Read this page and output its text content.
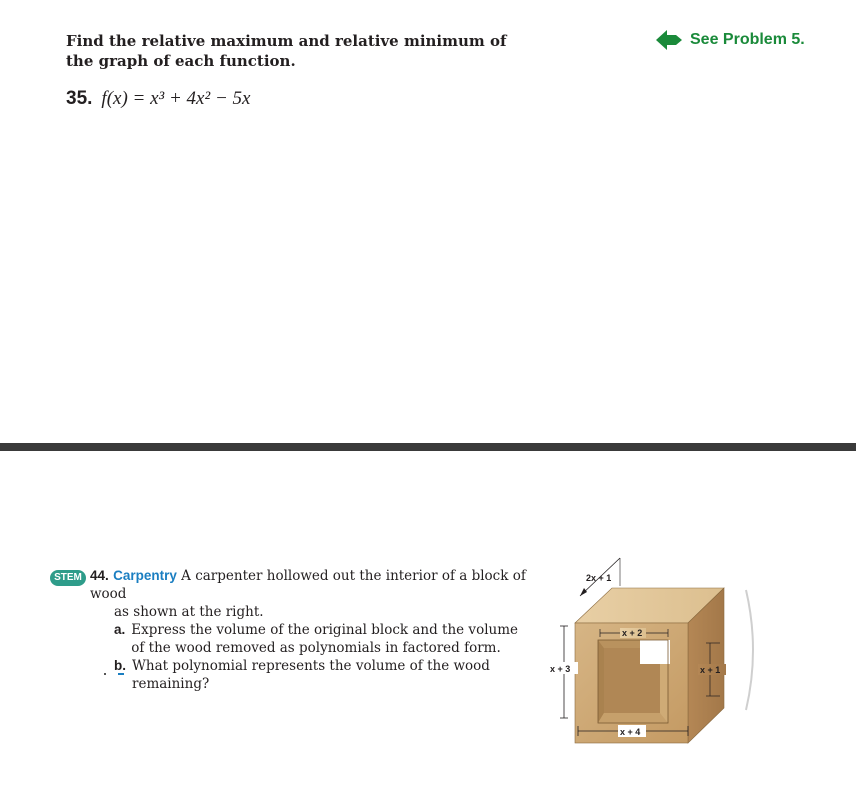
Find the relative maximum and relative minimum of the graph of each function.
See Problem 5.
35. f(x) = x³ + 4x² − 5x
STEM 44. Carpentry A carpenter hollowed out the interior of a block of wood
as shown at the right.
a. Express the volume of the original block and the volume of the wood removed as polynomials in factored form.
b. What polynomial represents the volume of the wood remaining?
2x + 1
x + 2
x + 3	x + 1
x + 4
